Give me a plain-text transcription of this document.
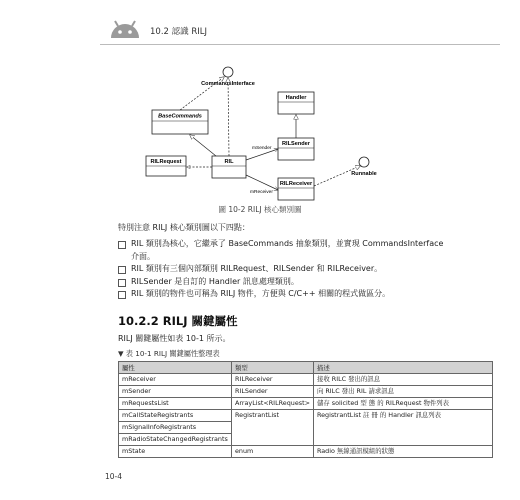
10.2 認識 RILJ
CommandsInterface
BaseCommands
Handler
RILSender
RILRequest	RIL
RILReceiver
Runnable
mSender
mReceiver
圖 10-2 RILJ 核心類別圖
特別注意 RILJ 核心類別圖以下四點：
RIL 類別為核心，它繼承了 BaseCommands 抽象類別，並實現 CommandsInterface
介面。
RIL 類別有三個內部類別 RILRequest、RILSender 和 RILReceiver。
RILSender 是自訂的 Handler 訊息處理類別。
RIL 類別的物件也可稱為 RILJ 物件，方便與 C/C++ 相關的程式做區分。
10.2.2 RILJ 關鍵屬性
RILJ 關鍵屬性如表 10-1 所示。
▼ 表 10-1 RILJ 關鍵屬性整理表
屬性	類型	描述
mReceiver	RILReceiver	接收 RILC 發出的訊息
mSender	RILSender	向 RILC 發出 RIL 請求訊息
mRequestsList	ArrayList<RILRequest>	儲存 solicited 型 態 的 RILRequest 物件列表
mCallStateRegistrants	RegistrantList	RegistrantList 註 冊 的 Handler 訊息列表
mSignalInfoRegistrants		
mRadioStateChangedRegistrants		
mState	enum	Radio 無線通訊模組的狀態
10-4
